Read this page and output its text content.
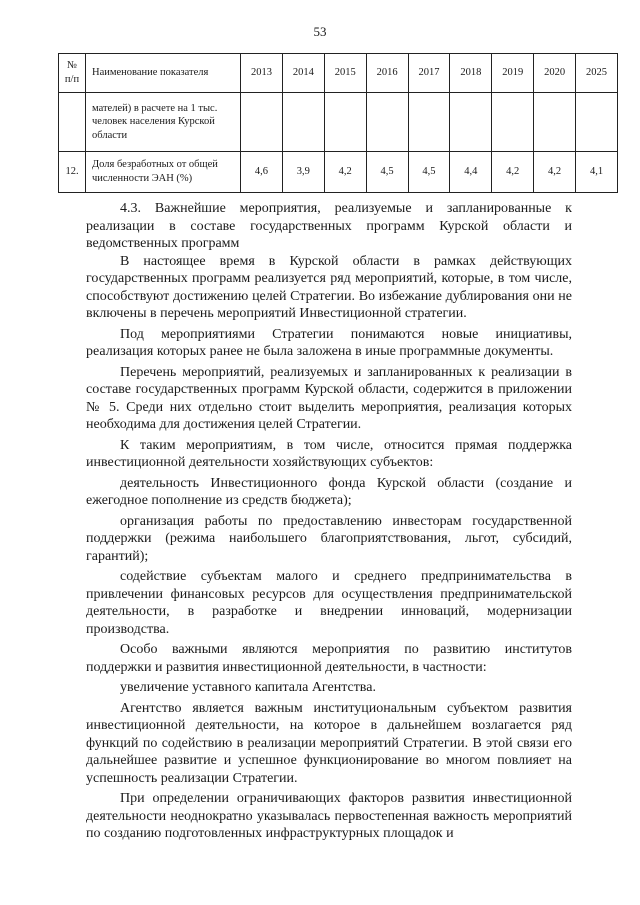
53
№ п/п	Наименование показателя	2013	2014	2015	2016	2017	2018	2019	2020	2025
	мателей) в расчете на 1 тыс. человек населения Курской области									
12.	Доля безработных от общей численности ЭАН (%)	4,6	3,9	4,2	4,5	4,5	4,4	4,2	4,2	4,1

4.3. Важнейшие мероприятия, реализуемые и запланированные к реализации в составе государственных программ Курской области и ведомственных программ

В настоящее время в Курской области в рамках действующих государственных программ реализуется ряд мероприятий, которые, в том числе, способствуют достижению целей Стратегии. Во избежание дублирования они не включены в перечень мероприятий Инвестиционной стратегии.

Под мероприятиями Стратегии понимаются новые инициативы, реализация которых ранее не была заложена в иные программные документы.

Перечень мероприятий, реализуемых и запланированных к реализации в составе государственных программ Курской области, содержится в приложении № 5. Среди них отдельно стоит выделить мероприятия, реализация которых необходима для достижения целей Стратегии.

К таким мероприятиям, в том числе, относится прямая поддержка инвестиционной деятельности хозяйствующих субъектов:

деятельность Инвестиционного фонда Курской области (создание и ежегодное пополнение из средств бюджета);

организация работы по предоставлению инвесторам государственной поддержки (режима наибольшего благоприятствования, льгот, субсидий, гарантий);

содействие субъектам малого и среднего предпринимательства в привлечении финансовых ресурсов для осуществления предпринимательской деятельности, в разработке и внедрении инноваций, модернизации производства.

Особо важными являются мероприятия по развитию институтов поддержки и развития инвестиционной деятельности, в частности:

увеличение уставного капитала Агентства.

Агентство является важным институциональным субъектом развития инвестиционной деятельности, на которое в дальнейшем возлагается ряд функций по содействию в реализации мероприятий Стратегии. В этой связи его дальнейшее развитие и успешное функционирование во многом повлияет на успешность реализации Стратегии.

При определении ограничивающих факторов развития инвестиционной деятельности неоднократно указывалась первостепенная важность мероприятий по созданию подготовленных инфраструктурных площадок и
